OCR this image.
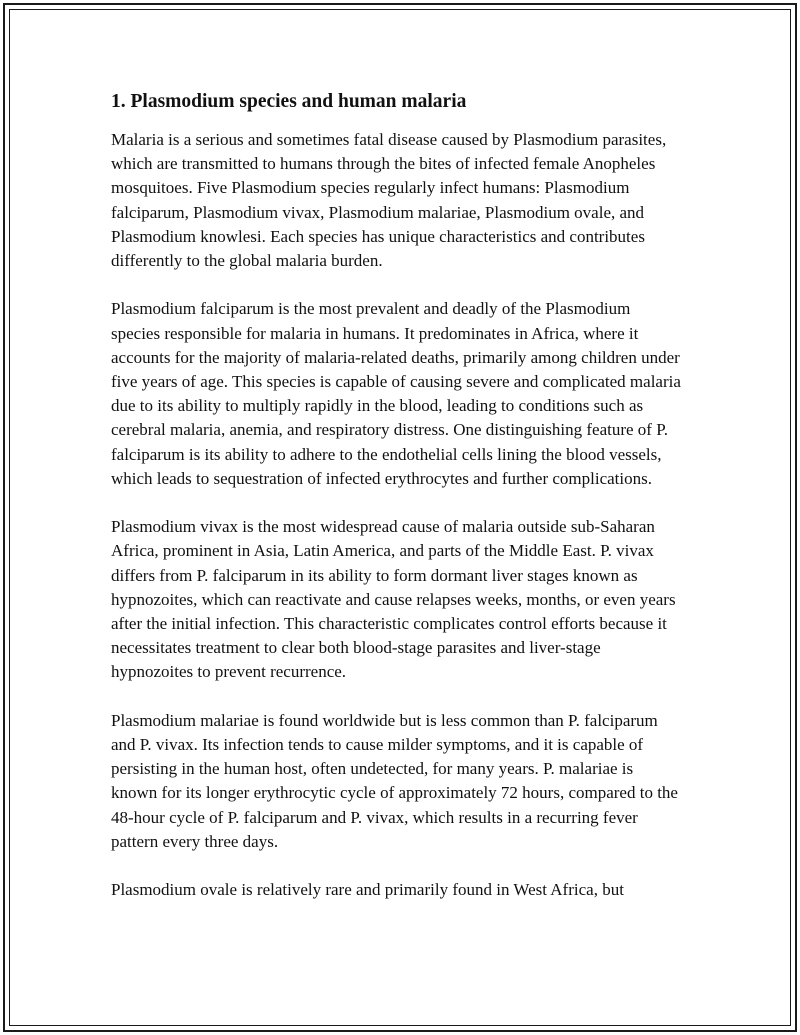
1. Plasmodium species and human malaria

Malaria is a serious and sometimes fatal disease caused by Plasmodium parasites, which are transmitted to humans through the bites of infected female Anopheles mosquitoes. Five Plasmodium species regularly infect humans: Plasmodium falciparum, Plasmodium vivax, Plasmodium malariae, Plasmodium ovale, and Plasmodium knowlesi. Each species has unique characteristics and contributes differently to the global malaria burden.

Plasmodium falciparum is the most prevalent and deadly of the Plasmodium species responsible for malaria in humans. It predominates in Africa, where it accounts for the majority of malaria-related deaths, primarily among children under five years of age. This species is capable of causing severe and complicated malaria due to its ability to multiply rapidly in the blood, leading to conditions such as cerebral malaria, anemia, and respiratory distress. One distinguishing feature of P. falciparum is its ability to adhere to the endothelial cells lining the blood vessels, which leads to sequestration of infected erythrocytes and further complications.

Plasmodium vivax is the most widespread cause of malaria outside sub-Saharan Africa, prominent in Asia, Latin America, and parts of the Middle East. P. vivax differs from P. falciparum in its ability to form dormant liver stages known as hypnozoites, which can reactivate and cause relapses weeks, months, or even years after the initial infection. This characteristic complicates control efforts because it necessitates treatment to clear both blood-stage parasites and liver-stage hypnozoites to prevent recurrence.

Plasmodium malariae is found worldwide but is less common than P. falciparum and P. vivax. Its infection tends to cause milder symptoms, and it is capable of persisting in the human host, often undetected, for many years. P. malariae is known for its longer erythrocytic cycle of approximately 72 hours, compared to the 48-hour cycle of P. falciparum and P. vivax, which results in a recurring fever pattern every three days.

Plasmodium ovale is relatively rare and primarily found in West Africa, but
